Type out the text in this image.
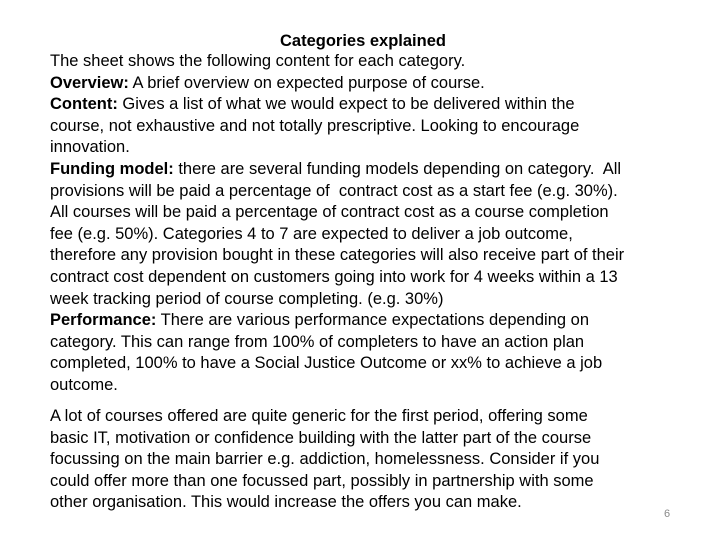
Categories explained
The sheet shows the following content for each category.
Overview: A brief overview on expected purpose of course.
Content: Gives a list of what we would expect to be delivered within the
course, not exhaustive and not totally prescriptive. Looking to encourage
innovation.
Funding model: there are several funding models depending on category.  All
provisions will be paid a percentage of  contract cost as a start fee (e.g. 30%).
All courses will be paid a percentage of contract cost as a course completion
fee (e.g. 50%). Categories 4 to 7 are expected to deliver a job outcome,
therefore any provision bought in these categories will also receive part of their
contract cost dependent on customers going into work for 4 weeks within a 13
week tracking period of course completing. (e.g. 30%)
Performance: There are various performance expectations depending on
category. This can range from 100% of completers to have an action plan
completed, 100% to have a Social Justice Outcome or xx% to achieve a job
outcome.
A lot of courses offered are quite generic for the first period, offering some
basic IT, motivation or confidence building with the latter part of the course
focussing on the main barrier e.g. addiction, homelessness. Consider if you
could offer more than one focussed part, possibly in partnership with some
other organisation. This would increase the offers you can make.
6
